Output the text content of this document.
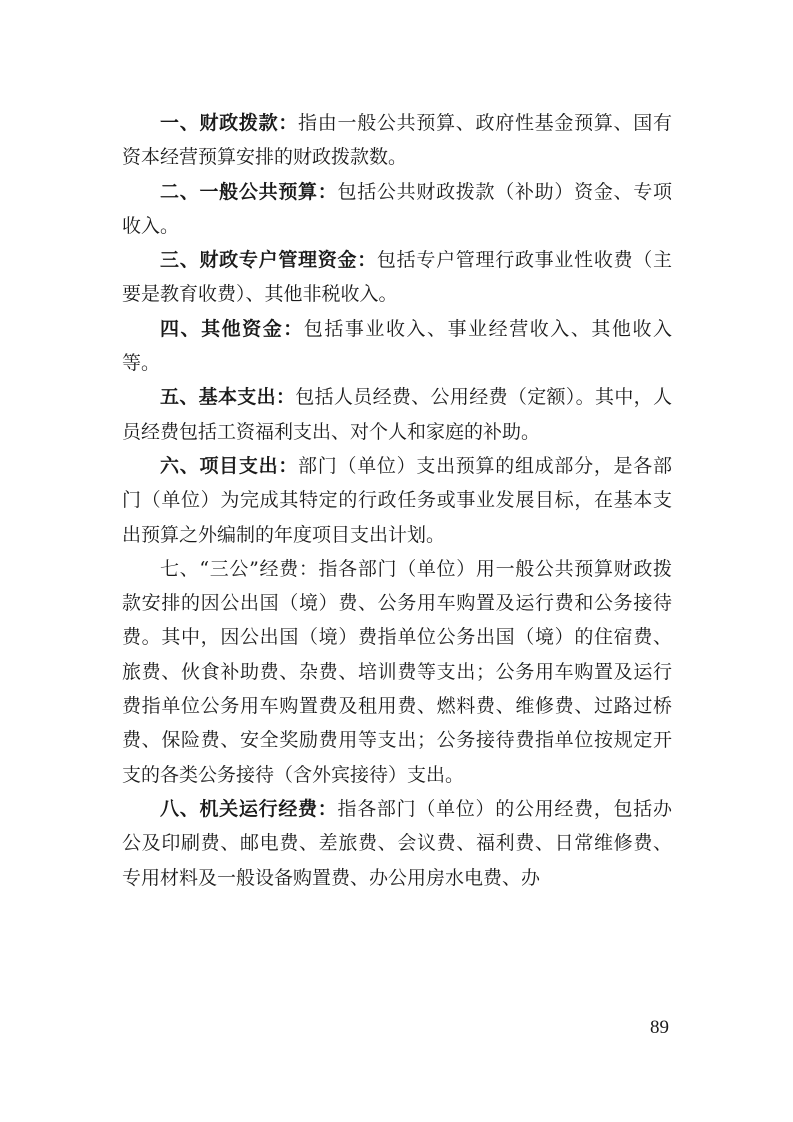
一、财政拨款：指由一般公共预算、政府性基金预算、国有资本经营预算安排的财政拨款数。

二、一般公共预算：包括公共财政拨款（补助）资金、专项收入。

三、财政专户管理资金：包括专户管理行政事业性收费（主要是教育收费）、其他非税收入。

四、其他资金：包括事业收入、事业经营收入、其他收入等。

五、基本支出：包括人员经费、公用经费（定额）。其中，人员经费包括工资福利支出、对个人和家庭的补助。

六、项目支出：部门（单位）支出预算的组成部分，是各部门（单位）为完成其特定的行政任务或事业发展目标，在基本支出预算之外编制的年度项目支出计划。

七、“三公”经费：指各部门（单位）用一般公共预算财政拨款安排的因公出国（境）费、公务用车购置及运行费和公务接待费。其中，因公出国（境）费指单位公务出国（境）的住宿费、旅费、伙食补助费、杂费、培训费等支出；公务用车购置及运行费指单位公务用车购置费及租用费、燃料费、维修费、过路过桥费、保险费、安全奖励费用等支出；公务接待费指单位按规定开支的各类公务接待（含外宾接待）支出。

八、机关运行经费：指各部门（单位）的公用经费，包括办公及印刷费、邮电费、差旅费、会议费、福利费、日常维修费、专用材料及一般设备购置费、办公用房水电费、办

89
